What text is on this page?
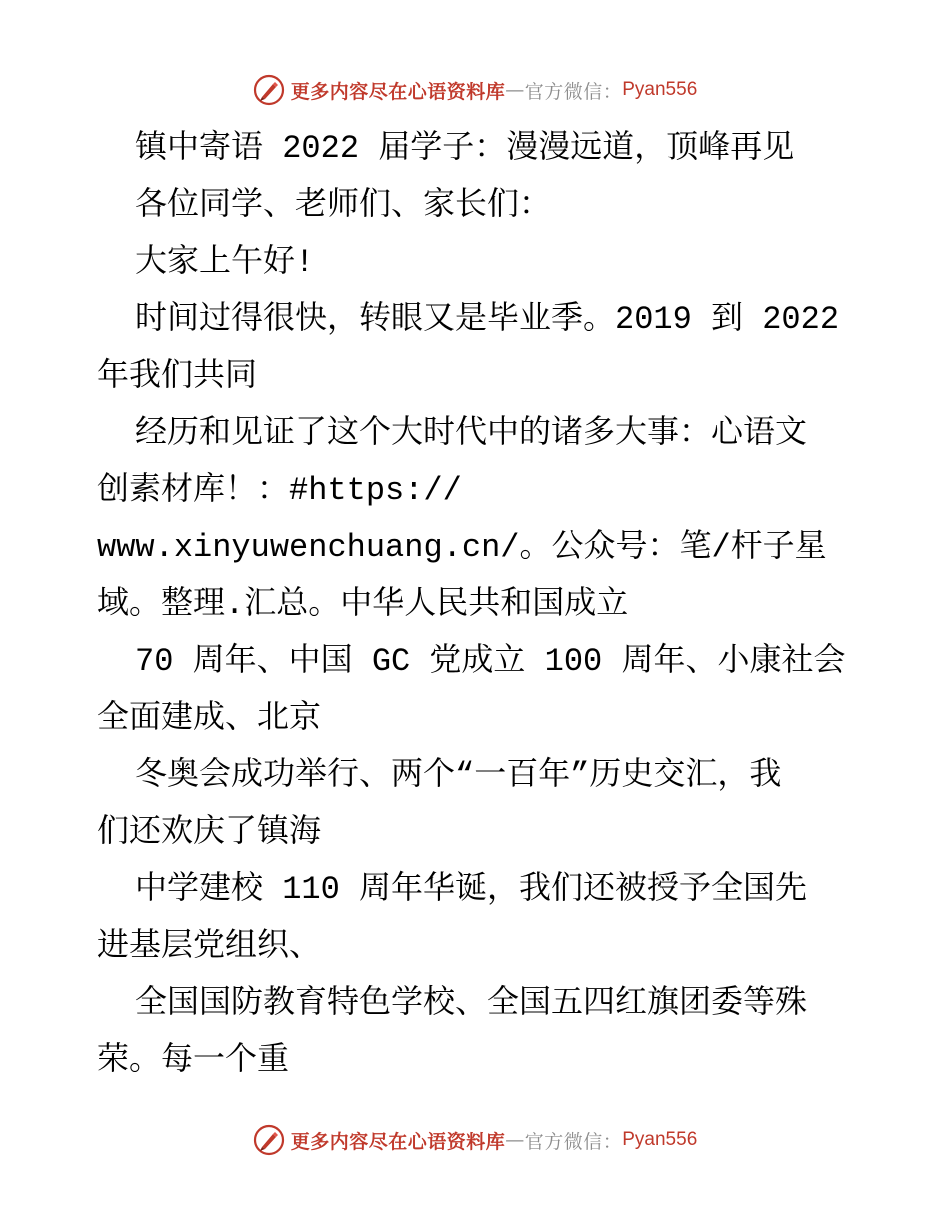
更多内容尽在心语资料库 — 官方微信： Pyan556
镇中寄语 2022 届学子：漫漫远道，顶峰再见
各位同学、老师们、家长们：
大家上午好!
时间过得很快，转眼又是毕业季。2019 到 2022
年我们共同
经历和见证了这个大时代中的诸多大事：心语文
创素材库！：#https://
www.xinyuwenchuang.cn/。公众号：笔/杆子星
域。整理.汇总。中华人民共和国成立
70 周年、中国 GC 党成立 100 周年、小康社会
全面建成、北京
冬奥会成功举行、两个“一百年”历史交汇，我
们还欢庆了镇海
中学建校 110 周年华诞，我们还被授予全国先
进基层党组织、
全国国防教育特色学校、全国五四红旗团委等殊
荣。每一个重
更多内容尽在心语资料库 — 官方微信： Pyan556
